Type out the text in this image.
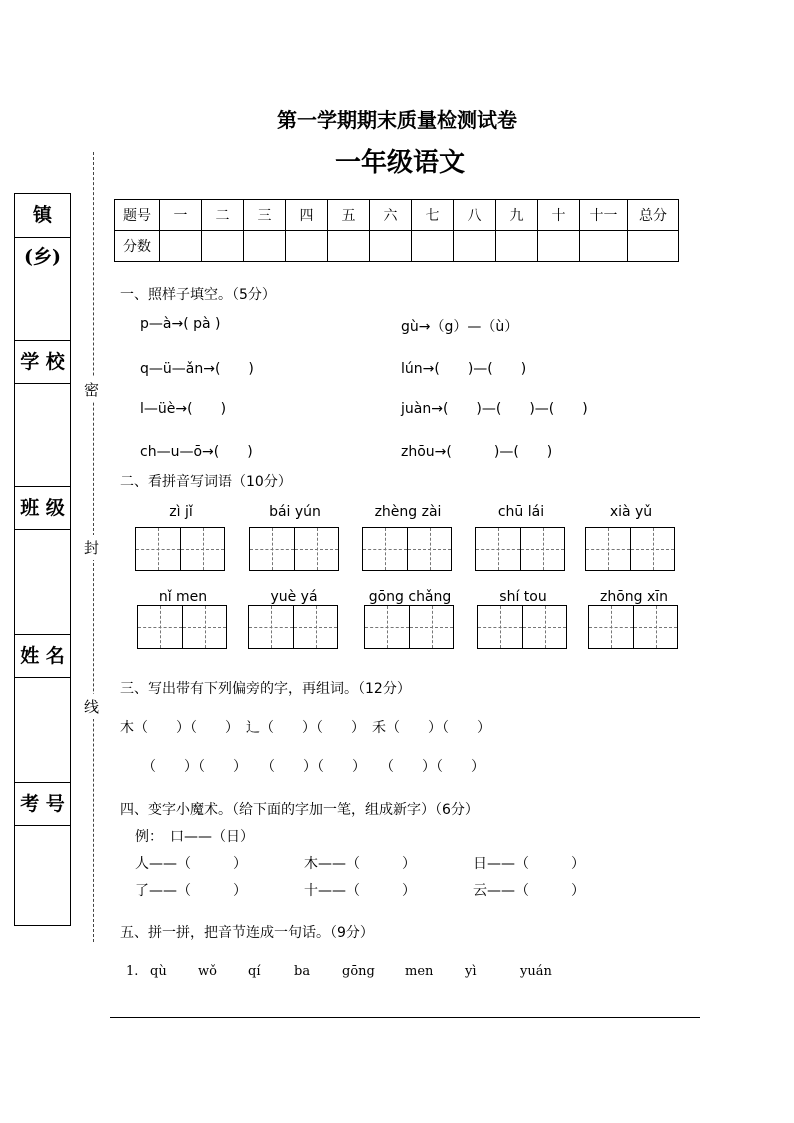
第一学期期末质量检测试卷
一年级语文
镇(乡)
学 校
班 级
姓 名
考 号
密
封
线
题号	一	二	三	四	五	六	七	八	九	十	十一	总分
分数												
一、照样子填空。（5分）
p—à→( pà )
q—ü—ǎn→(　　)
l—üè→(　　)
ch—u—ō→(　　)
gù→（g）—（ù）
lún→(　　)—(　　)
juàn→(　　)—(　　)—(　　)
zhōu→(　　　)—(　　)
二、看拼音写词语（10分）
zì jǐ	bái yún	zhèng zài	chū lái	xià yǔ
nǐ men	yuè yá	gōng chǎng	shí tou	zhōng xīn
三、写出带有下列偏旁的字，再组词。（12分）
木（　　）（　　）　辶（　　）（　　）　禾（　　）（　　）
（　　）（　　）　　（　　）（　　）　　（　　）（　　）
四、变字小魔术。（给下面的字加一笔，组成新字）（6分）
例：　口——（日）
人——（　　　）	木——（　　　）	日——（　　　）
了——（　　　）	十——（　　　）	云——（　　　）
五、拼一拼，把音节连成一句话。（9分）
1. qù wǒ qí	ba gōng men yì	yuán
